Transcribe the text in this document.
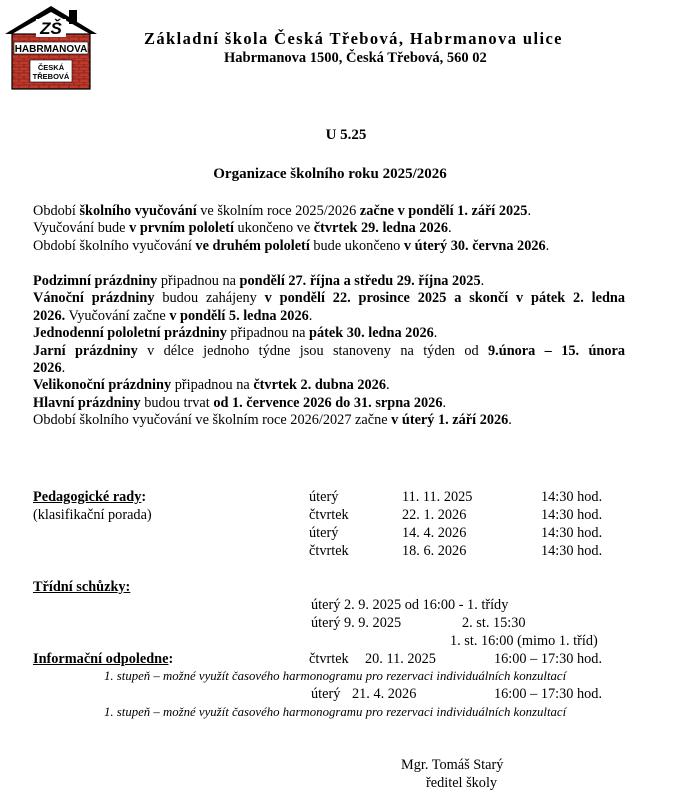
ZŠ
HABRMANOVA
ČESKÁ
TŘEBOVÁ
Základní škola Česká Třebová, Habrmanova ulice
Habrmanova 1500, Česká Třebová, 560 02
U 5.25
Organizace školního roku 2025/2026

Období školního vyučování ve školním roce 2025/2026 začne v pondělí 1. září 2025.

Vyučování bude v prvním pololetí ukončeno ve čtvrtek 29. ledna 2026.

Období školního vyučování ve druhém pololetí bude ukončeno v úterý 30. června 2026.

Podzimní prázdniny připadnou na pondělí 27. října a středu 29. října 2025.

Vánoční prázdniny budou zahájeny v pondělí 22. prosince 2025 a skončí v pátek 2. ledna

2026. Vyučování začne v pondělí 5. ledna 2026.

Jednodenní pololetní prázdniny připadnou na pátek 30. ledna 2026.

Jarní prázdniny v délce jednoho týdne jsou stanoveny na týden od 9.února – 15. února

2026.

Velikonoční prázdniny připadnou na čtvrtek 2. dubna 2026.

Hlavní prázdniny budou trvat od 1. července 2026 do 31. srpna 2026.

Období školního vyučování ve školním roce 2026/2027 začne v úterý 1. září 2026.

Pedagogické rady:
(klasifikační porada)
úterý	11. 11. 2025	14:30 hod.
čtvrtek	22. 1. 2026	14:30 hod.
úterý	14. 4. 2026	14:30 hod.
čtvrtek	18. 6. 2026	14:30 hod.
Třídní schůzky:
úterý 2. 9. 2025 od 16:00 - 1. třídy
úterý 9. 9. 2025	2. st. 15:30
1. st. 16:00 (mimo 1. tříd)
Informační odpoledne:	čtvrtek 20. 11. 2025	16:00 – 17:30 hod.
1. stupeň – možné využít časového harmonogramu pro rezervaci individuálních konzultací
úterý 21. 4. 2026	16:00 – 17:30 hod.
1. stupeň – možné využít časového harmonogramu pro rezervaci individuálních konzultací
Mgr. Tomáš Starý
ředitel školy
